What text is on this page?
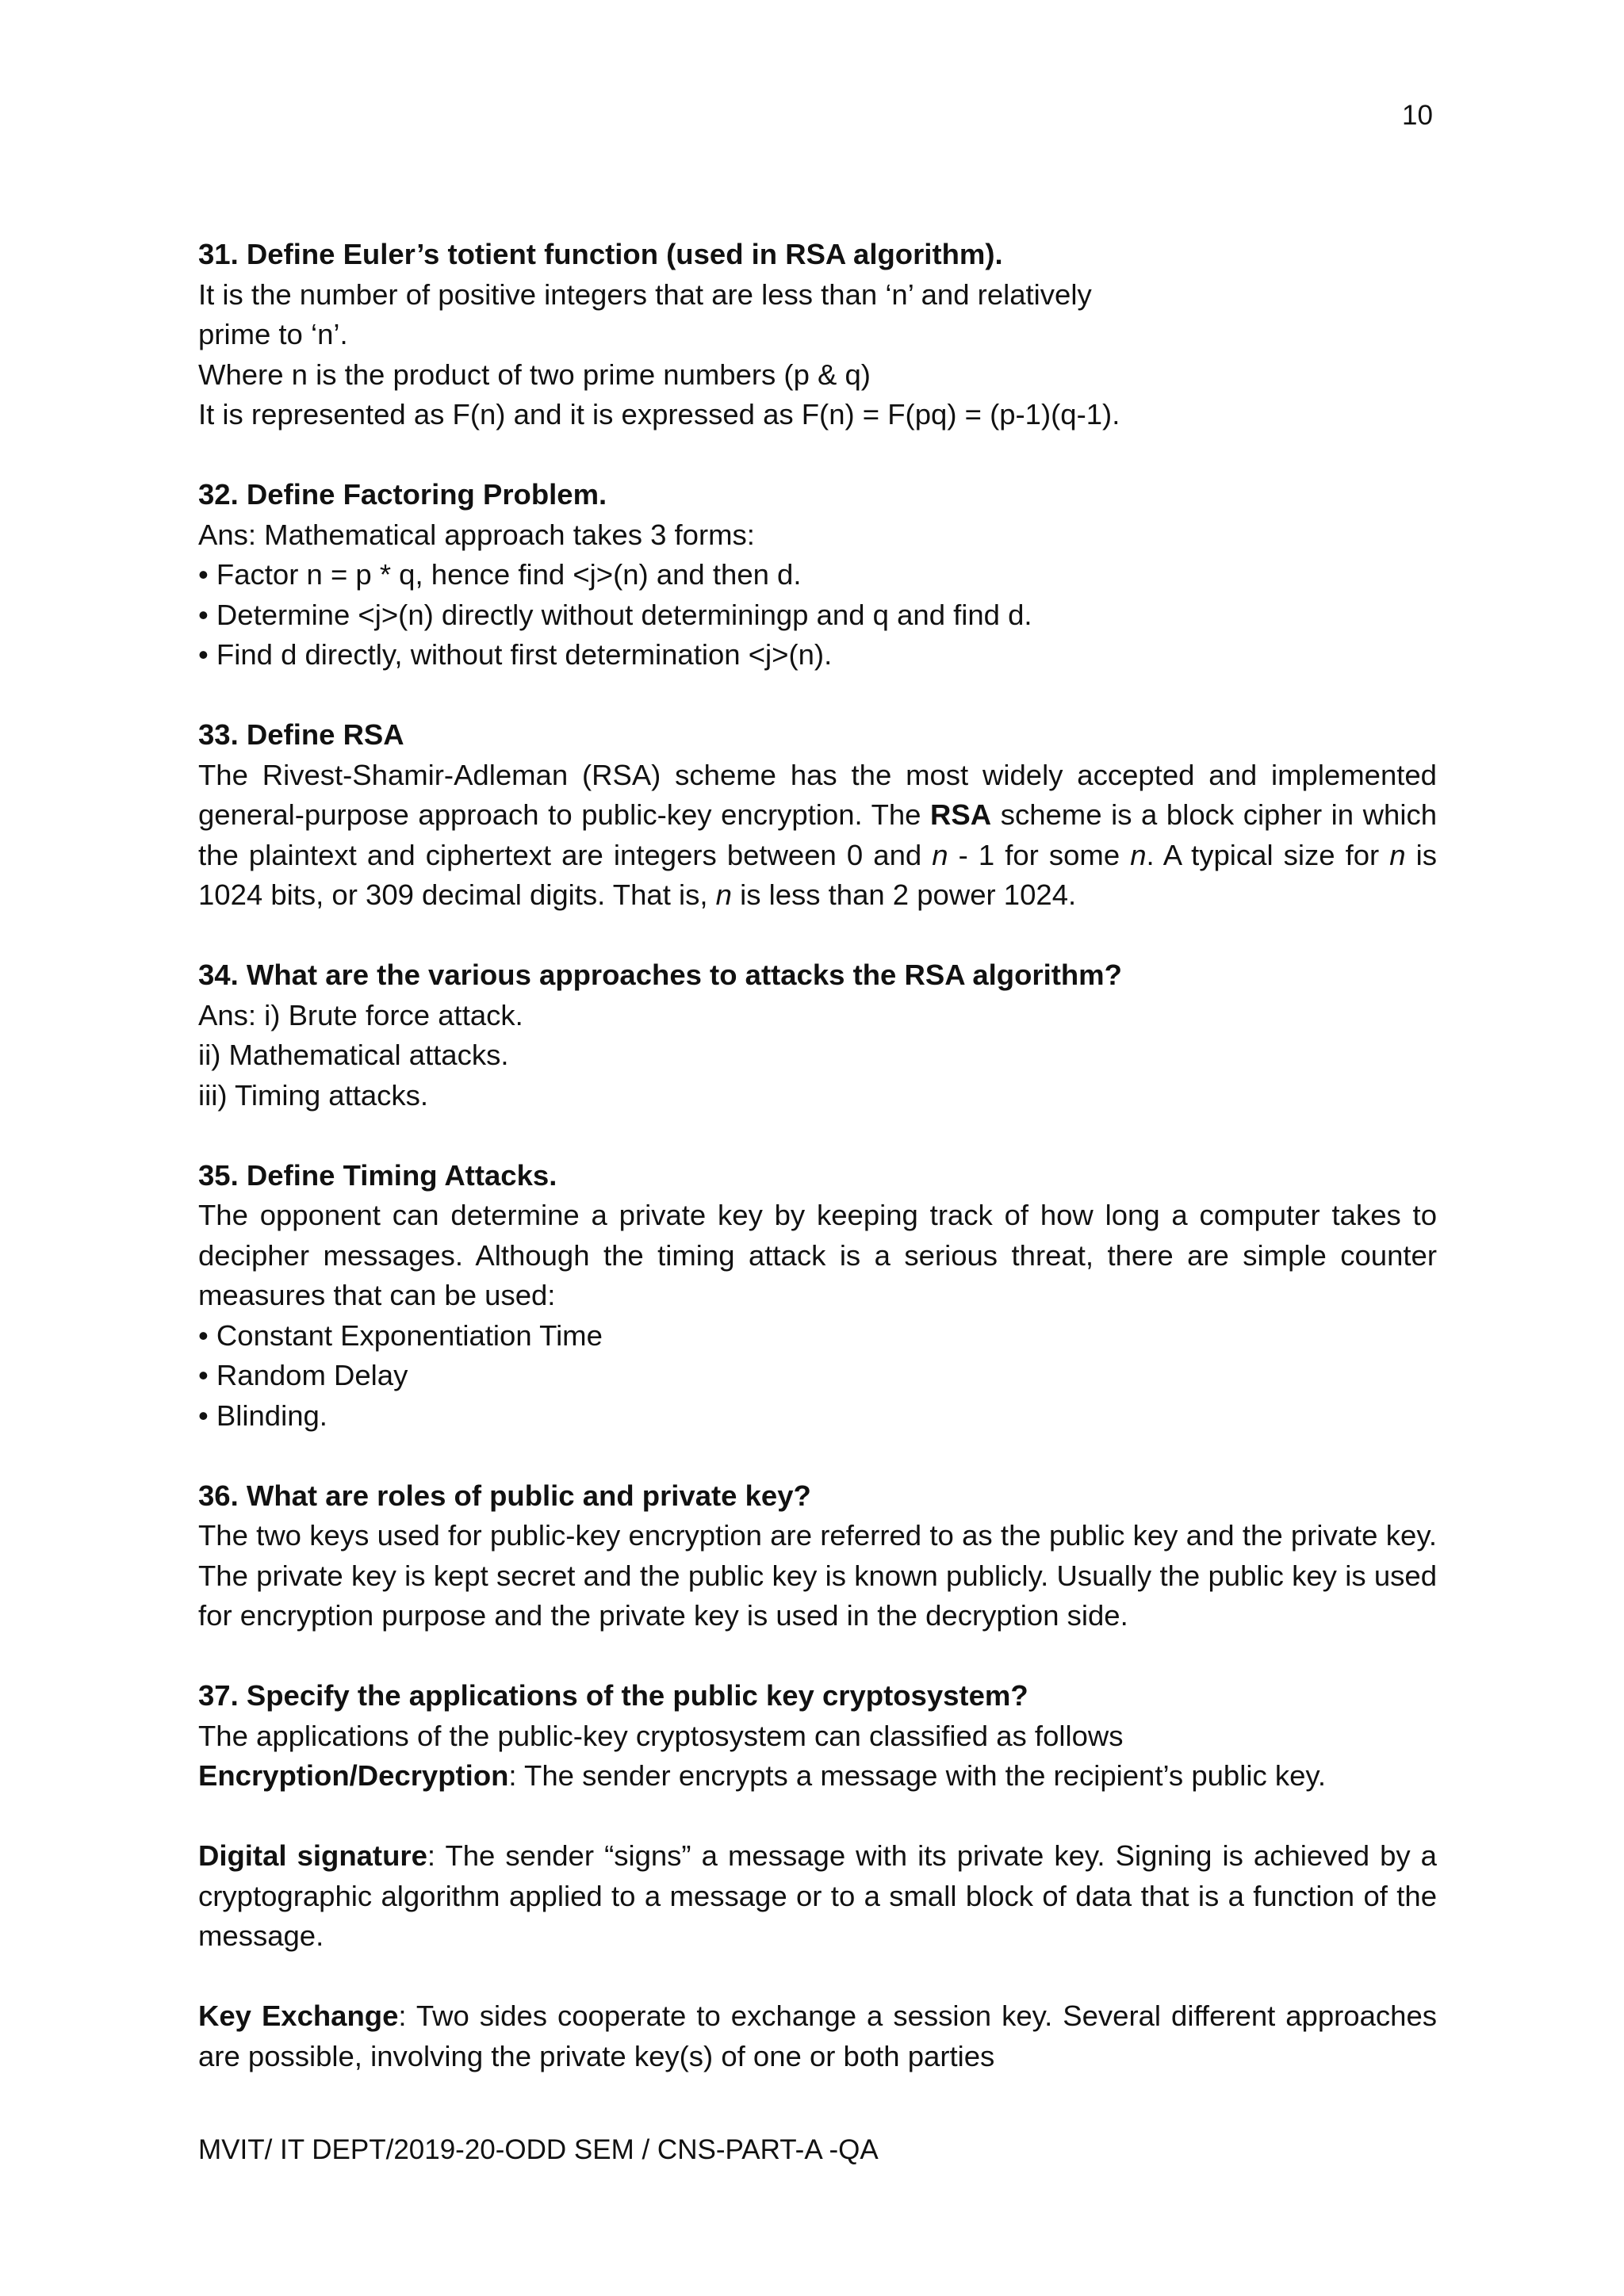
10

31. Define Euler’s totient function (used in RSA algorithm).

It is the number of positive integers that are less than ‘n’ and relatively prime to ‘n’.

Where n is the product of two prime numbers (p & q)

It is represented as F(n) and it is expressed as F(n) = F(pq) = (p-1)(q-1).

32. Define Factoring Problem.

Ans: Mathematical approach takes 3 forms:

• Factor n = p * q, hence find <j>(n) and then d.

• Determine <j>(n) directly without determiningp and q and find d.

• Find d directly, without first determination <j>(n).

33. Define RSA

The Rivest-Shamir-Adleman (RSA) scheme has the most widely accepted and implemented general-purpose approach to public-key encryption. The RSA scheme is a block cipher in which the plaintext and ciphertext are integers between 0 and n - 1 for some n. A typical size for n is 1024 bits, or 309 decimal digits. That is, n is less than 2 power 1024.

34. What are the various approaches to attacks the RSA algorithm?

Ans: i) Brute force attack.

ii) Mathematical attacks.

iii) Timing attacks.

35. Define Timing Attacks.

The opponent can determine a private key by keeping track of how long a computer takes to decipher messages. Although the timing attack is a serious threat, there are simple counter measures that can be used:

• Constant Exponentiation Time

• Random Delay

• Blinding.

36. What are roles of public and private key?

The two keys used for public-key encryption are referred to as the public key and the private key. The private key is kept secret and the public key is known publicly. Usually the public key is used for encryption purpose and the private key is used in the decryption side.

37. Specify the applications of the public key cryptosystem?

The applications of the public-key cryptosystem can classified as follows

Encryption/Decryption: The sender encrypts a message with the recipient’s public key.

Digital signature: The sender “signs” a message with its private key. Signing is achieved by a cryptographic algorithm applied to a message or to a small block of data that is a function of the message.

Key Exchange: Two sides cooperate to exchange a session key. Several different approaches are possible, involving the private key(s) of one or both parties

MVIT/ IT DEPT/2019-20-ODD SEM / CNS-PART-A -QA
